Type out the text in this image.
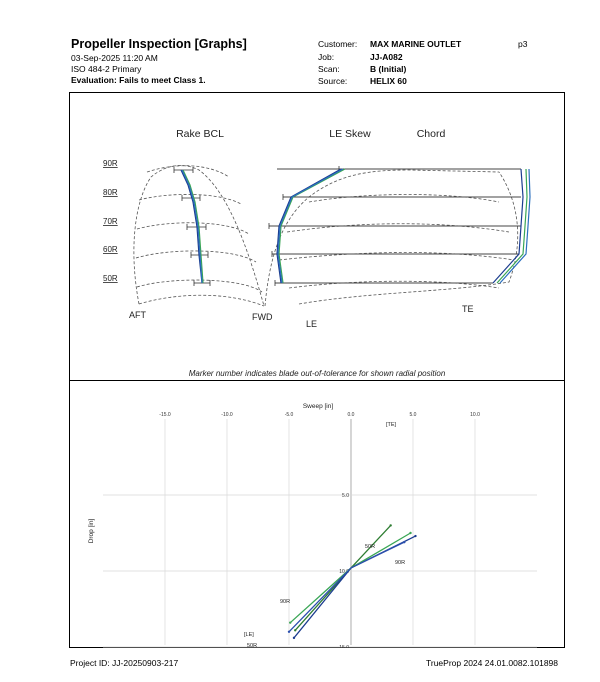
Propeller Inspection [Graphs]
03-Sep-2025 11:20 AM
ISO 484-2 Primary
Evaluation: Fails to meet Class 1.
Customer: MAX MARINE OUTLET
Job:	JJ-A082
Scan:	B (Initial)
Source:	HELIX 60
p3
Rake BCL	LE Skew	Chord
90R
80R
70R
60R
50R
AFT	FWD
LE
TE
Marker number indicates blade out-of-tolerance for shown radial position
Sweep [in]
Drop [in]
-15.0	-10.0	-5.0	0.0	5.0	10.0
5.0
10.0
15.0
[TE]
[LE]
50R
90R
90R
50R
Project ID: JJ-20250903-217	TrueProp 2024 24.01.0082.101898
